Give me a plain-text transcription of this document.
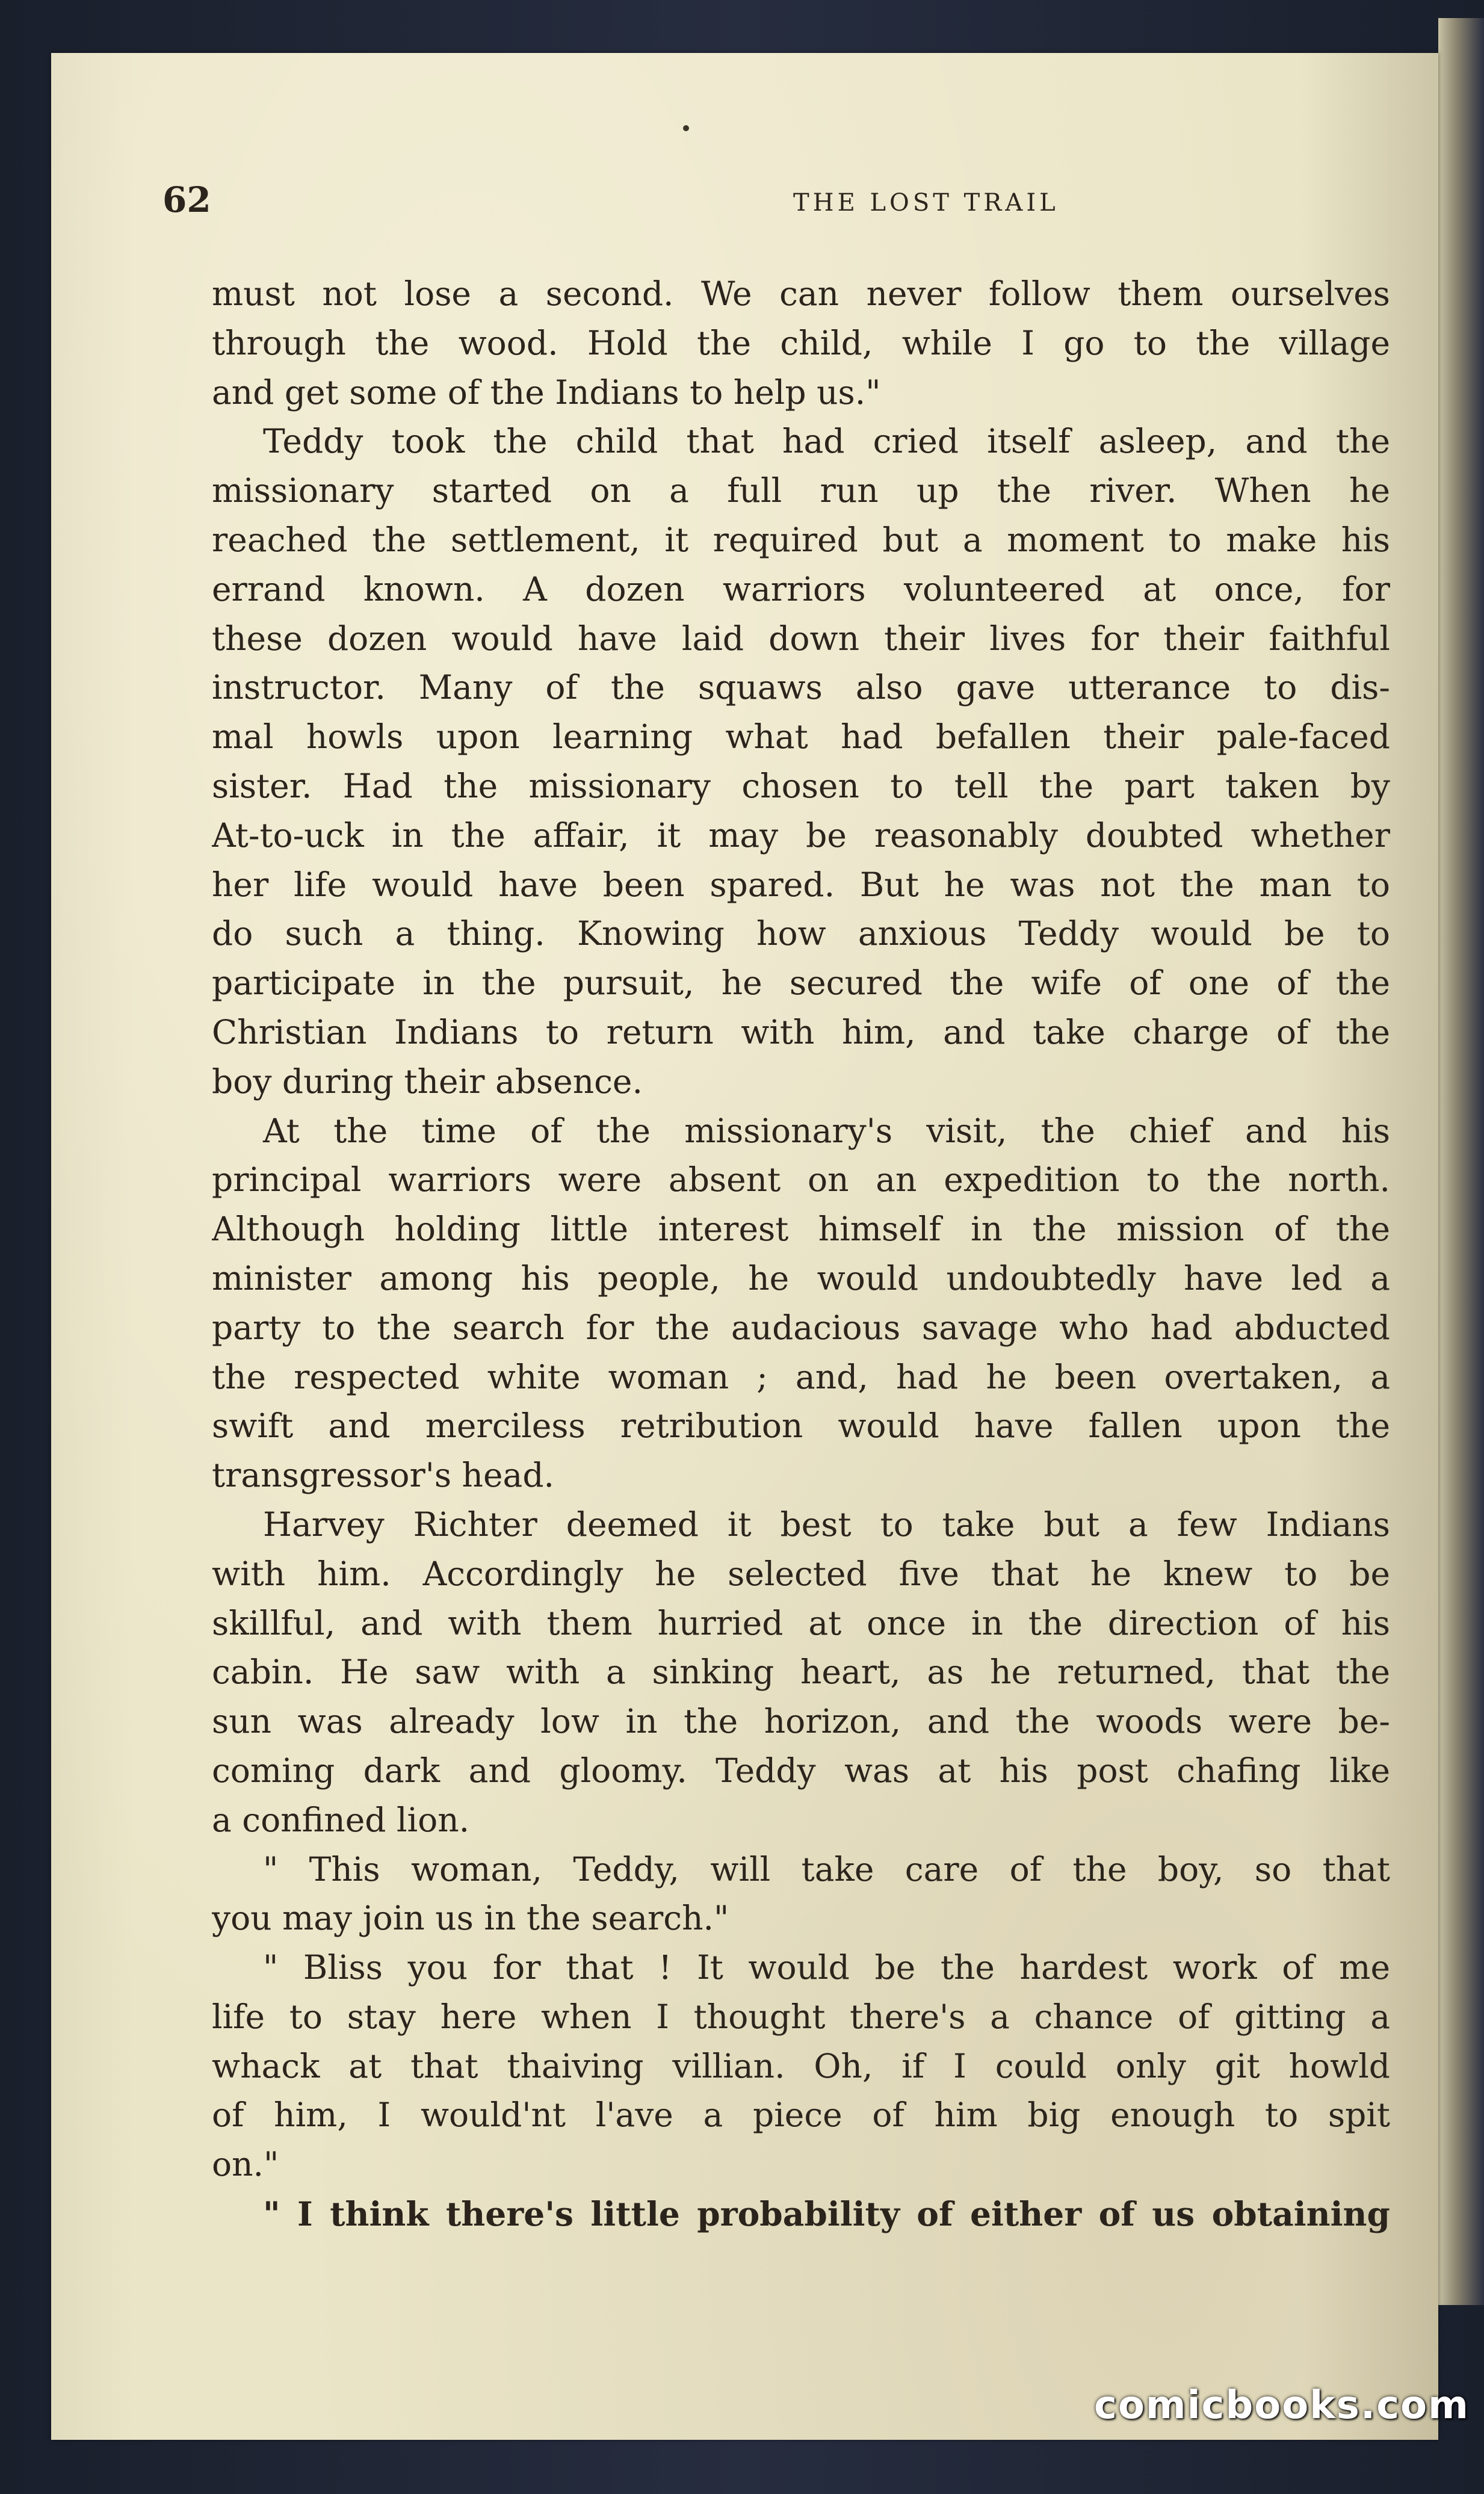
62	THE LOST TRAIL
must not lose a second. We can never follow them ourselves
through the wood. Hold the child, while I go to the village
and get some of the Indians to help us."
Teddy took the child that had cried itself asleep, and the
missionary started on a full run up the river. When he
reached the settlement, it required but a moment to make his
errand known. A dozen warriors volunteered at once, for
these dozen would have laid down their lives for their faithful
instructor. Many of the squaws also gave utterance to dis-
mal howls upon learning what had befallen their pale-faced
sister. Had the missionary chosen to tell the part taken by
At-to-uck in the affair, it may be reasonably doubted whether
her life would have been spared. But he was not the man to
do such a thing. Knowing how anxious Teddy would be to
participate in the pursuit, he secured the wife of one of the
Christian Indians to return with him, and take charge of the
boy during their absence.
At the time of the missionary's visit, the chief and his
principal warriors were absent on an expedition to the north.
Although holding little interest himself in the mission of the
minister among his people, he would undoubtedly have led a
party to the search for the audacious savage who had abducted
the respected white woman ; and, had he been overtaken, a
swift and merciless retribution would have fallen upon the
transgressor's head.
Harvey Richter deemed it best to take but a few Indians
with him. Accordingly he selected five that he knew to be
skillful, and with them hurried at once in the direction of his
cabin. He saw with a sinking heart, as he returned, that the
sun was already low in the horizon, and the woods were be-
coming dark and gloomy. Teddy was at his post chafing like
a confined lion.
" This woman, Teddy, will take care of the boy, so that
you may join us in the search."
" Bliss you for that ! It would be the hardest work of me
life to stay here when I thought there's a chance of gitting a
whack at that thaiving villian. Oh, if I could only git howld
of him, I would'nt l'ave a piece of him big enough to spit
on."
" I think there's little probability of either of us obtaining
comicbooks.com
